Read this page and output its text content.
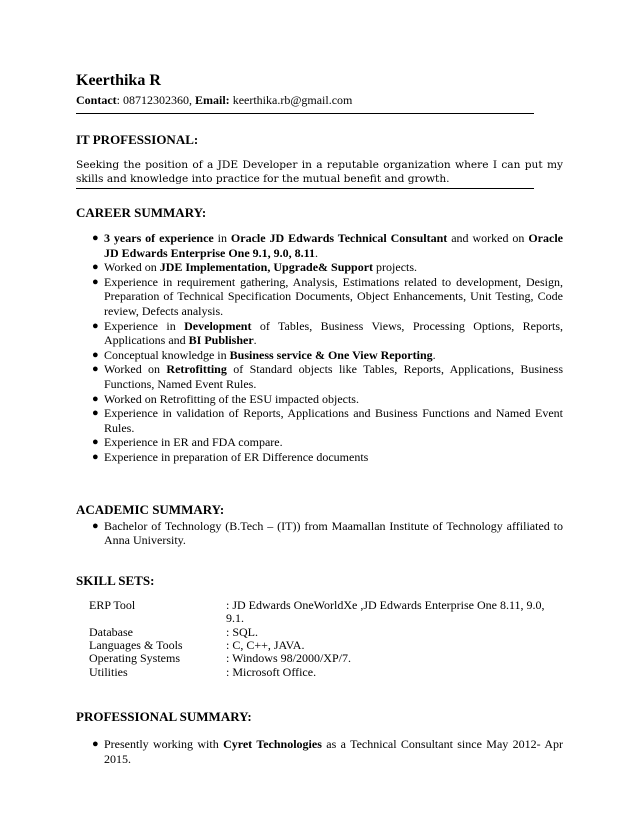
Keerthika R

Contact: 08712302360, Email: keerthika.rb@gmail.com

IT PROFESSIONAL:

Seeking the position of a JDE Developer in a reputable organization where I can put my skills and knowledge into practice for the mutual benefit and growth.

CAREER SUMMARY:

● 3 years of experience in Oracle JD Edwards Technical Consultant and worked on Oracle JD Edwards Enterprise One 9.1, 9.0, 8.11.
● Worked on JDE Implementation, Upgrade& Support projects.
● Experience in requirement gathering, Analysis, Estimations related to development, Design, Preparation of Technical Specification Documents, Object Enhancements, Unit Testing, Code review, Defects analysis.
● Experience in Development of Tables, Business Views, Processing Options, Reports, Applications and BI Publisher.
● Conceptual knowledge in Business service & One View Reporting.
● Worked on Retrofitting of Standard objects like Tables, Reports, Applications, Business Functions, Named Event Rules.
● Worked on Retrofitting of the ESU impacted objects.
● Experience in validation of Reports, Applications and Business Functions and Named Event Rules.
● Experience in ER and FDA compare.
● Experience in preparation of ER Difference documents

ACADEMIC SUMMARY:

● Bachelor of Technology (B.Tech – (IT)) from Maamallan Institute of Technology affiliated to Anna University.

SKILL SETS:

ERP Tool	: JD Edwards OneWorldXe ,JD Edwards Enterprise One 8.11, 9.0, 9.1.
Database	: SQL.
Languages & Tools	: C, C++, JAVA.
Operating Systems	: Windows 98/2000/XP/7.
Utilities	: Microsoft Office.

PROFESSIONAL SUMMARY:

● Presently working with Cyret Technologies as a Technical Consultant since May 2012- Apr 2015.
